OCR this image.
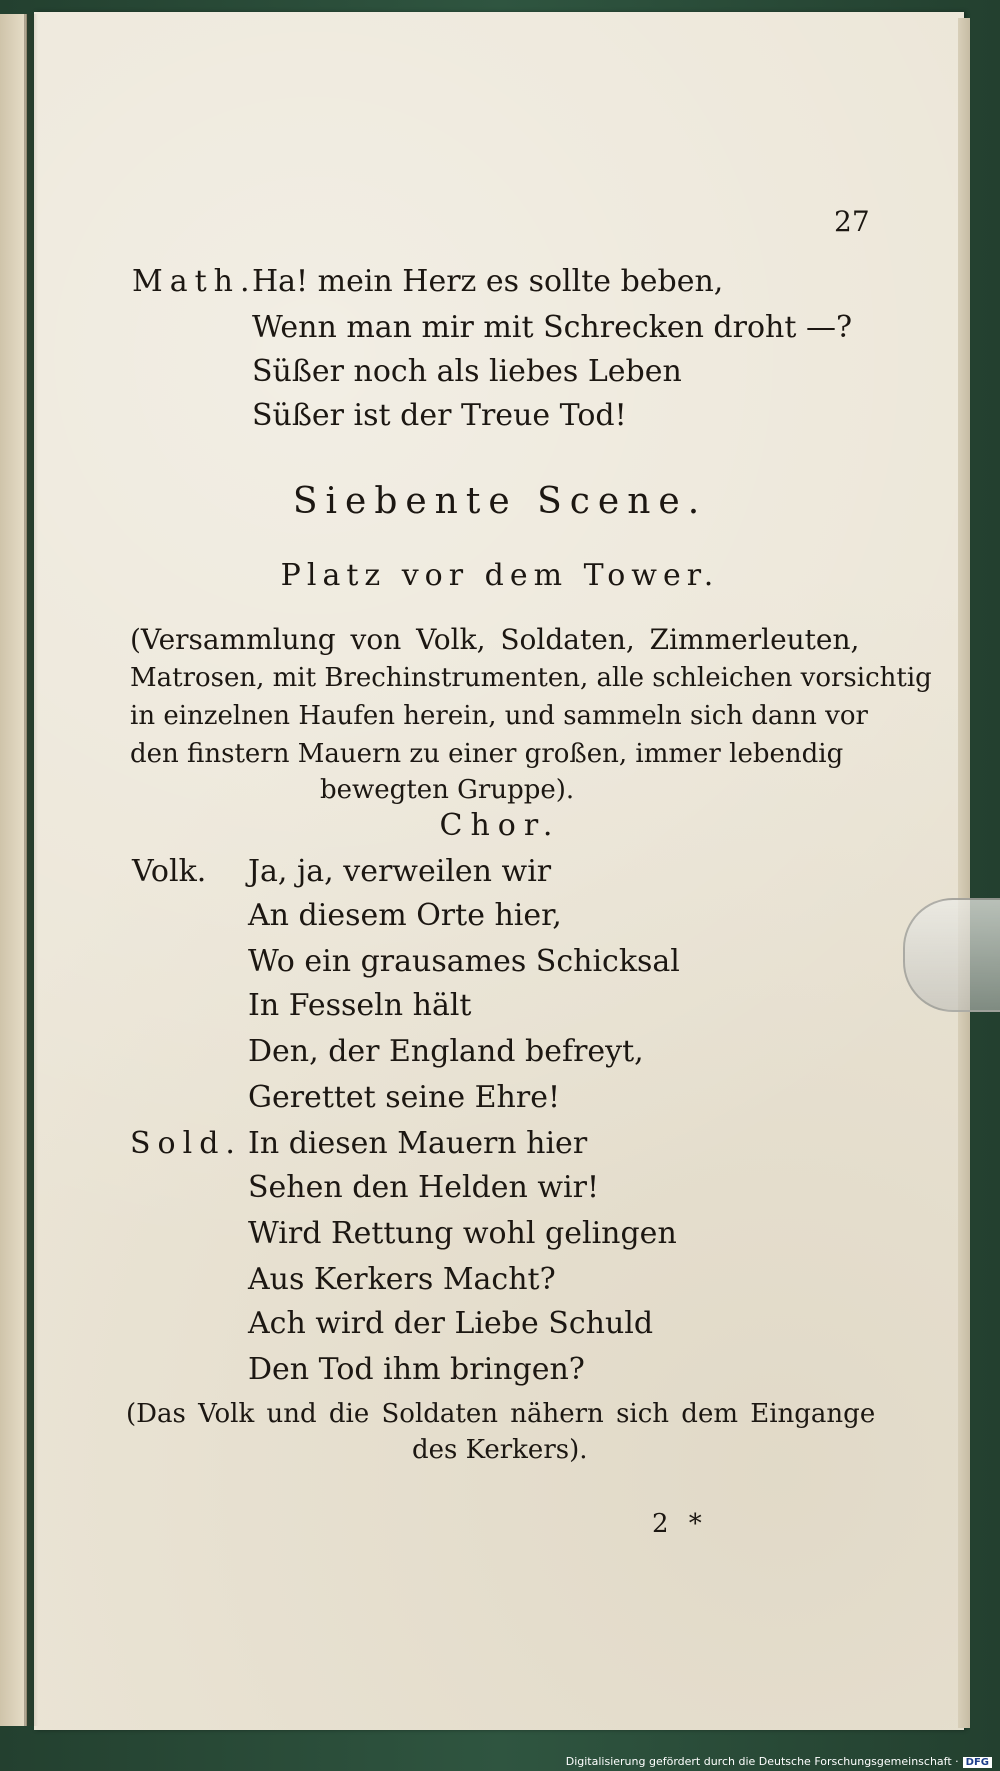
27

Math.

Ha! mein Herz es sollte beben,

Wenn man mir mit Schrecken droht —?

Süßer noch als liebes Leben

Süßer ist der Treue Tod!

Siebente Scene.

Platz vor dem Tower.

(Versammlung von Volk, Soldaten, Zimmerleuten,

Matrosen, mit Brechinstrumenten, alle schleichen vorsichtig

in einzelnen Haufen herein, und sammeln sich dann vor

den finstern Mauern zu einer großen, immer lebendig

bewegten Gruppe).

Chor.

Volk. Ja, ja, verweilen wir

An diesem Orte hier,

Wo ein grausames Schicksal

In Fesseln hält

Den, der England befreyt,

Gerettet seine Ehre!

Sold. In diesen Mauern hier

Sehen den Helden wir!

Wird Rettung wohl gelingen

Aus Kerkers Macht?

Ach wird der Liebe Schuld

Den Tod ihm bringen?

(Das Volk und die Soldaten nähern sich dem Eingange

des Kerkers).

2 *

Digitalisierung gefördert durch die Deutsche Forschungsgemeinschaft · DFG
